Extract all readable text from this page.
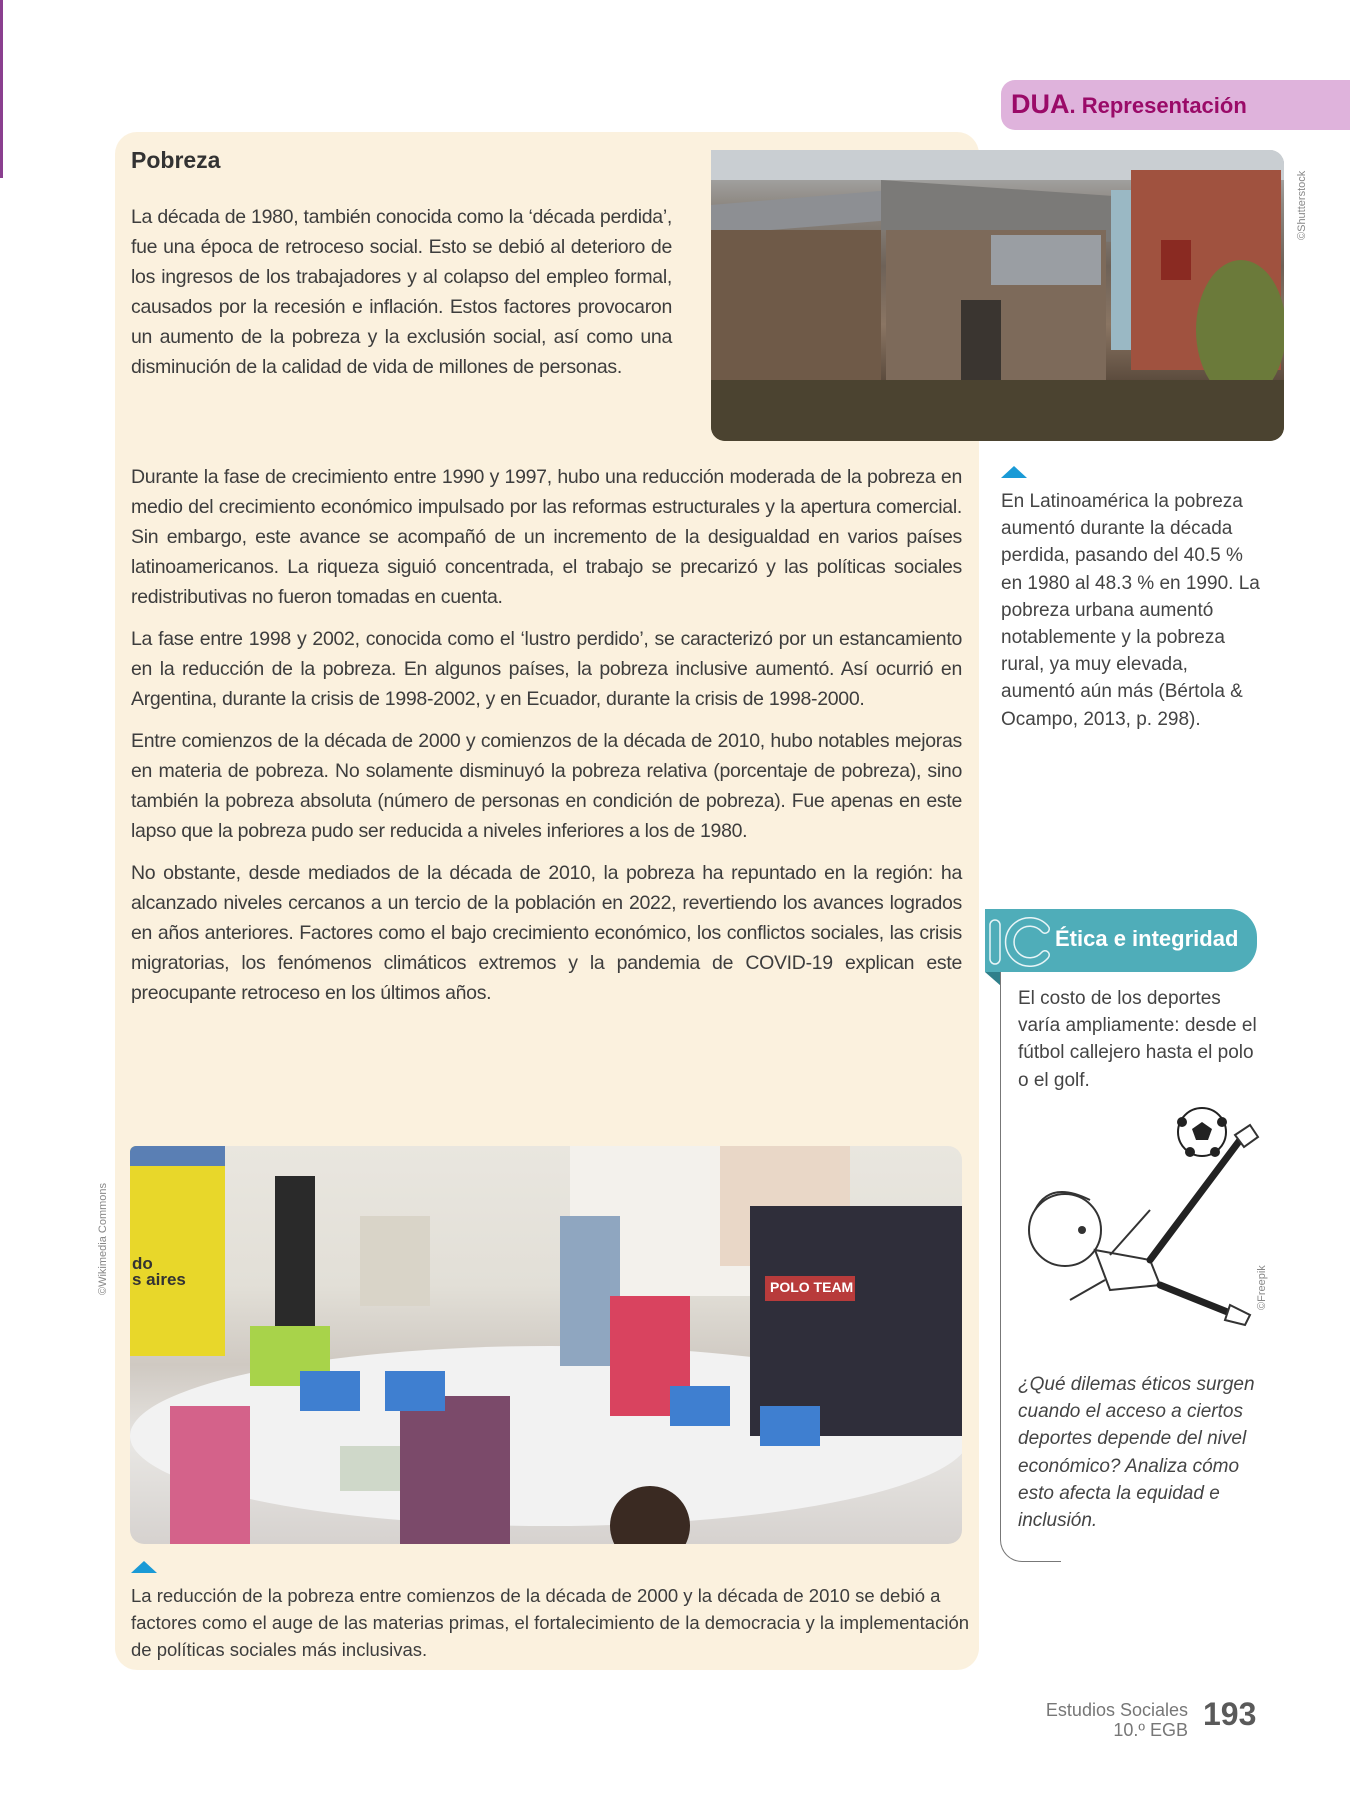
DUA. Representación
Pobreza
La década de 1980, también conocida como la ‘década perdida’, fue una época de retroceso social. Esto se debió al deterioro de los ingresos de los trabajadores y al colapso del empleo formal, causados por la recesión e inflación. Estos factores provocaron un aumento de la pobreza y la exclusión social, así como una disminución de la calidad de vida de millones de personas.
©Shutterstock

Durante la fase de crecimiento entre 1990 y 1997, hubo una reducción moderada de la pobreza en medio del crecimiento económico impulsado por las reformas estructurales y la apertura comercial. Sin embargo, este avance se acompañó de un incremento de la desigualdad en varios países latinoamericanos. La riqueza siguió concentrada, el trabajo se precarizó y las políticas sociales redistributivas no fueron tomadas en cuenta.

La fase entre 1998 y 2002, conocida como el ‘lustro perdido’, se caracterizó por un estancamiento en la reducción de la pobreza. En algunos países, la pobreza inclusive aumentó. Así ocurrió en Argentina, durante la crisis de 1998-2002, y en Ecuador, durante la crisis de 1998-2000.

Entre comienzos de la década de 2000 y comienzos de la década de 2010, hubo notables mejoras en materia de pobreza. No solamente disminuyó la pobreza relativa (porcentaje de pobreza), sino también la pobreza absoluta (número de personas en condición de pobreza). Fue apenas en este lapso que la pobreza pudo ser reducida a niveles inferiores a los de 1980.

No obstante, desde mediados de la década de 2010, la pobreza ha repuntado en la región: ha alcanzado niveles cercanos a un tercio de la población en 2022, revertiendo los avances logrados en años anteriores. Factores como el bajo crecimiento económico, los conflictos sociales, las crisis migratorias, los fenómenos climáticos extremos y la pandemia de COVID-19 explican este preocupante retroceso en los últimos años.

En Latinoamérica la pobreza aumentó durante la década perdida, pasando del 40.5 % en 1980 al 48.3 % en 1990. La pobreza urbana aumentó notablemente y la pobreza rural, ya muy elevada, aumentó aún más (Bértola & Ocampo, 2013, p. 298).
Ética e integridad
El costo de los deportes varía ampliamente: desde el fútbol callejero hasta el polo o el golf.
©Freepik
¿Qué dilemas éticos surgen cuando el acceso a ciertos deportes depende del nivel económico? Analiza cómo esto afecta la equidad e inclusión.
do
s aires	POLO TEAM
©Wikimedia Commons
La reducción de la pobreza entre comienzos de la década de 2000 y la década de 2010 se debió a factores como el auge de las materias primas, el fortalecimiento de la democracia y la implementación de políticas sociales más inclusivas.
Estudios Sociales
10.º EGB 193
